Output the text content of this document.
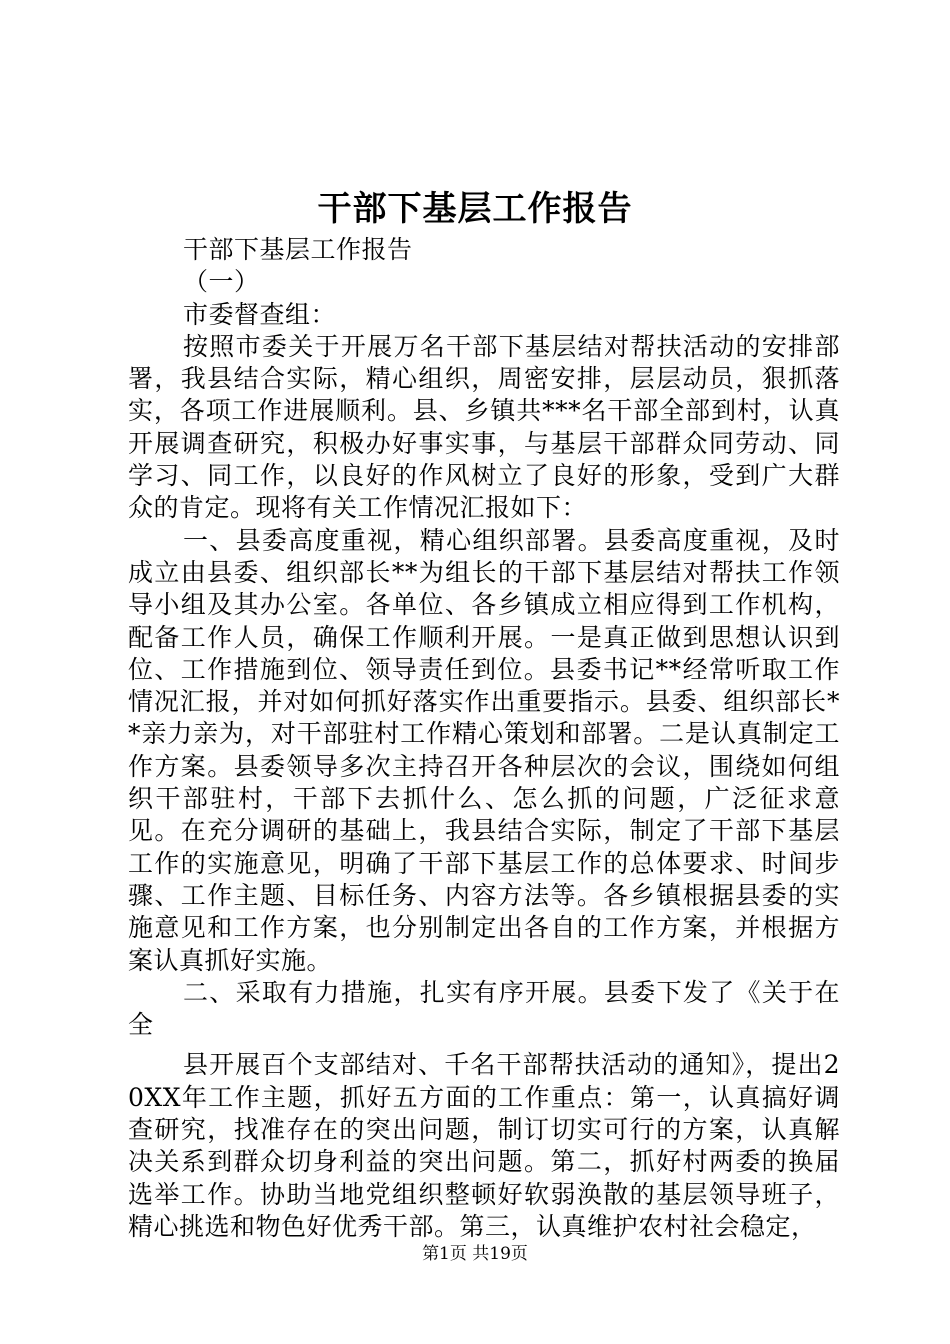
干部下基层工作报告

干部下基层工作报告

（一）

市委督查组：

按照市委关于开展万名干部下基层结对帮扶活动的安排部署，我县结合实际，精心组织，周密安排，层层动员，狠抓落实，各项工作进展顺利。县、乡镇共***名干部全部到村，认真开展调查研究，积极办好事实事，与基层干部群众同劳动、同学习、同工作，以良好的作风树立了良好的形象，受到广大群众的肯定。现将有关工作情况汇报如下：

一、县委高度重视，精心组织部署。县委高度重视，及时成立由县委、组织部长**为组长的干部下基层结对帮扶工作领导小组及其办公室。各单位、各乡镇成立相应得到工作机构，配备工作人员，确保工作顺利开展。一是真正做到思想认识到位、工作措施到位、领导责任到位。县委书记**经常听取工作情况汇报，并对如何抓好落实作出重要指示。县委、组织部长**亲力亲为，对干部驻村工作精心策划和部署。二是认真制定工作方案。县委领导多次主持召开各种层次的会议，围绕如何组织干部驻村，干部下去抓什么、怎么抓的问题，广泛征求意见。在充分调研的基础上，我县结合实际，制定了干部下基层工作的实施意见，明确了干部下基层工作的总体要求、时间步骤、工作主题、目标任务、内容方法等。各乡镇根据县委的实施意见和工作方案，也分别制定出各自的工作方案，并根据方案认真抓好实施。

二、采取有力措施，扎实有序开展。县委下发了《关于在全

县开展百个支部结对、千名干部帮扶活动的通知》，提出20XX年工作主题，抓好五方面的工作重点：第一，认真搞好调查研究，找准存在的突出问题，制订切实可行的方案，认真解决关系到群众切身利益的突出问题。第二，抓好村两委的换届选举工作。协助当地党组织整顿好软弱涣散的基层领导班子，精心挑选和物色好优秀干部。第三，认真维护农村社会稳定，

第1页 共19页
